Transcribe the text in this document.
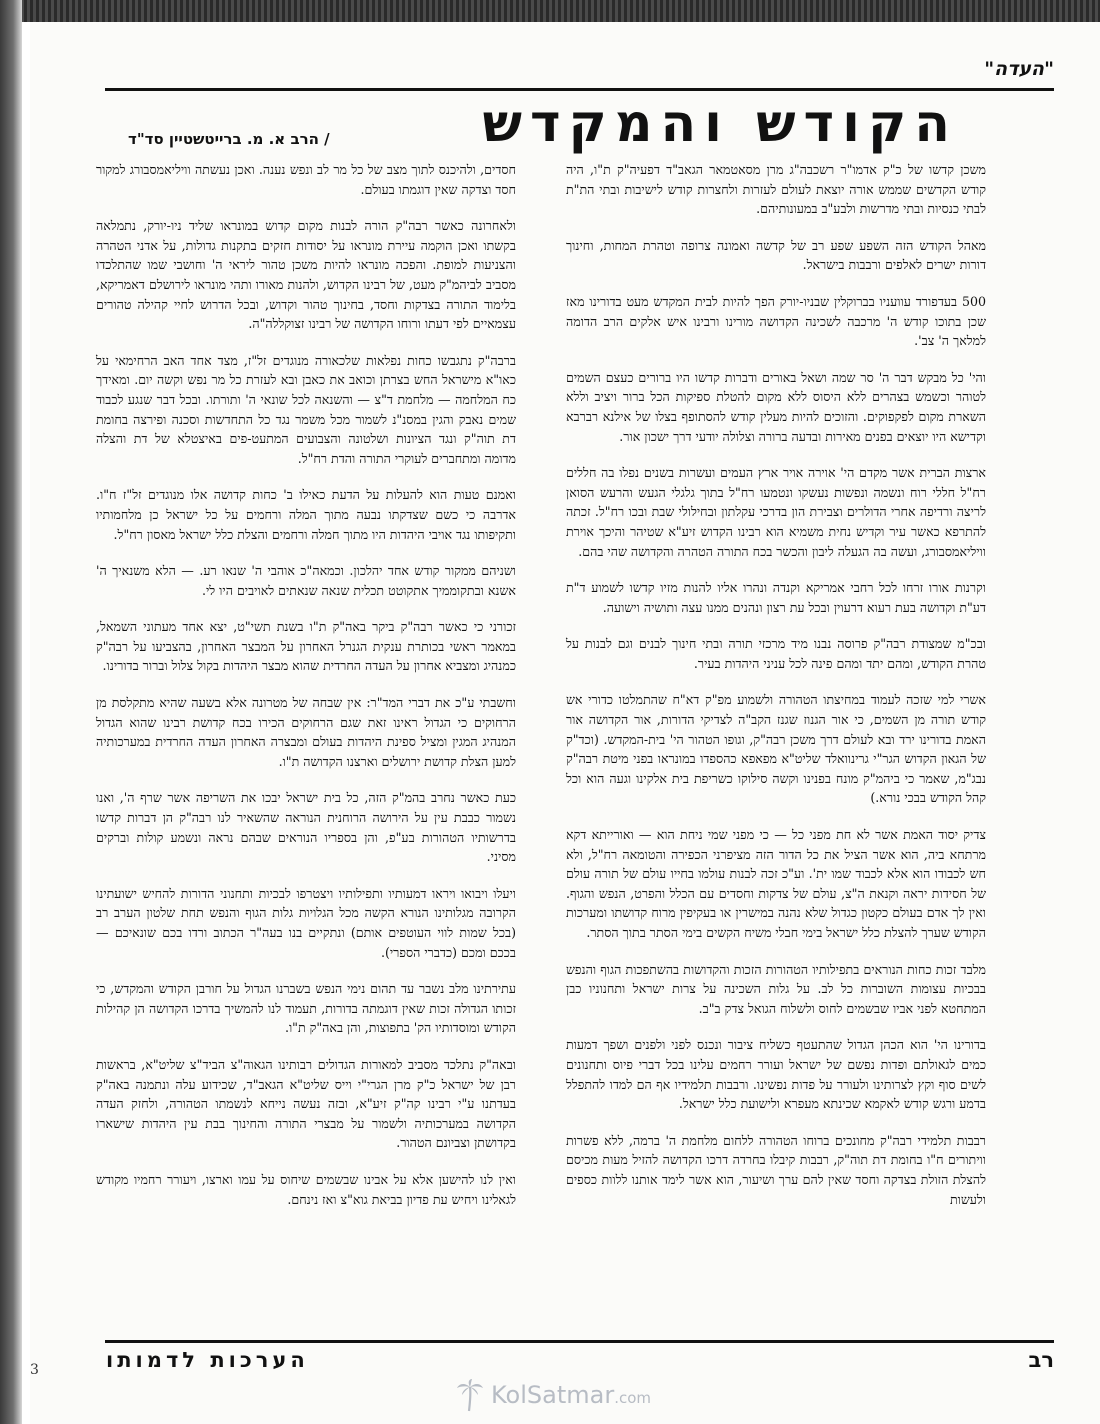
"העדה"
הקודש והמקדש
/ הרב א. מ. ברייטשטיין סד"ד

משכן קדשו של כ"ק אדמו"ר רשכבה"ג מרן מסאטמאר הגאב"ד דפעיה"ק ת"ו, היה קודש הקדשים שממש אורה יוצאת לעולם לעזרות ולחצרות קודש לישיבות ובתי הת"ת לבתי כנסיות ובתי מדרשות ולבע"ב במעונותיהם.

מאהל הקודש הזה השפע שפע רב של קדשה ואמונה צרופה וטהרת המחות, וחינוך דורות ישרים לאלפים ורבבות בישראל.

500 בעדפורד עוועניו בברוקלין שבניו-יורק הפך להיות לבית המקדש מעט בדורינו מאז שכן בתוכו קודש ה' מרכבה לשכינה הקדושה מורינו ורבינו איש אלקים הרב הדומה למלאך ה' צב'.

והי' כל מבקש דבר ה' סר שמה ושאל באורים ודברות קדשו היו ברורים כעצם השמים לטוהר וכשמש בצהרים ללא היסוס ללא מקום להטלת ספיקות הכל ברור ויציב וללא השארת מקום לפקפוקים. והזוכים להיות מעלין קודש להסתופף בצלו של אילנא רברבא וקדישא היו יוצאים בפנים מאירות ובדעה ברורה וצלולה יודעי דרך ישכון אור.

ארצות הברית אשר מקדם הי' אוירה אויר ארץ העמים ועשרות בשנים נפלו בה חללים רח"ל חללי רוח ונשמה ונפשות נעשקו ונטמעו רח"ל בתוך גלגלי הגעש והרעש הסואן לריצה ורדיפה אחרי הדולרים וצבירת הון בדרכי עקלתון ובחילולי שבת ובכו רח"ל. זכתה להתרפא כאשר עיר וקדיש נחית משמיא הוא רבינו הקדוש זיע"א שטיהר והיכך אוירת וויליאמסבורג, ועשה בה הגעלה ליבון והכשר בכח התורה הטהרה והקדושה שהי בהם.

וקרנות אורו זרחו לכל רחבי אמריקא וקנדה ונהרו אליו להנות מזיו קדשו לשמוע ד"ת דע"ת וקדושה בעת רעוא דרעוין ובכל עת רצון ונהנים ממנו עצה ותושיה וישועה.

ובכ"מ שמצודת רבה"ק פרוסה נבנו מיד מרכזי תורה ובתי חינוך לבנים וגם לבנות על טהרת הקודש, ומהם יתד ומהם פינה לכל עניני היהדות בעיר.

אשרי למי שזכה לעמוד במחיצתו הטהורה ולשמוע מפ"ק דא"ח שהתמלטו כדורי אש קודש תורה מן השמים, כי אור הגנוז שגנז הקב"ה לצדיקי הדורות, אור הקדושה אור האמת בדורינו ירד ובא לעולם דרך משכן רבה"ק, וגופו הטהור הי' בית-המקדש. (וכד"ק של הגאון הקדוש הגר"י גרינוואלד שליט"א מפאפא כהספדו במונראו בפני מיטת רבה"ק נבג"מ, שאמר כי ביהמ"ק מונח בפנינו וקשה סילוקו כשריפת בית אלקינו וגעה הוא וכל קהל הקודש בבכי נורא.)

צדיק יסוד האמת אשר לא חת מפני כל — כי מפני שמי ניחת הוא — ואורייתא דקא מרתחא ביה, הוא אשר הציל את כל הדור הזה מציפרני הכפירה והטומאה רח"ל, ולא חש לכבודו הוא אלא לכבוד שמו ית'. וע"כ זכה לבנות עולמו בחייו עולם של תורה עולם של חסידות יראה וקנאת ה"צ, עולם של צדקות וחסדים עם הכלל והפרט, הנפש והגוף. ואין לך אדם בעולם כקטון כגדול שלא נהנה במישרין או בעקיפין מרוח קדושתו ומערכות הקודש שערך להצלת כלל ישראל בימי חבלי משיח הקשים בימי הסתר בתוך הסתר.

מלבד זכות כחות הנוראים בתפילותיו הטהורות הזכות והקדושות בהשתפכות הגוף והנפש בבכיות עצומות השוברות כל לב. על גלות השכינה על צרות ישראל ותחנוניו כבן המתחטא לפני אביו שבשמים לחוס ולשלוח הגואל צדק ב"ב.

בדורינו הי' הוא הכהן הגדול שהתעטף כשליח ציבור ונכנס לפני ולפנים ושפך דמעות כמים לגאולתם ופדות נפשם של ישראל ועורר רחמים עלינו בכל דברי פיוס ותחנונים לשים סוף וקץ לצרותינו ולעורר על פדות נפשינו. ורבבות תלמידיו אף הם למדו להתפלל בדמע ורגש קודש לאקמא שכינתא מעפרא ולישועת כלל ישראל.

רבבות תלמידי רבה"ק מחונכים ברוחו הטהורה ללחום מלחמת ה' ברמה, ללא פשרות וויתורים ח"ו בחומת דת תוה"ק, רבבות קיבלו בחרדה דרכו הקדושה להזיל מעות מכיסם להצלת הזולת בצדקה וחסד שאין להם ערך ושיעור, הוא אשר לימד אותנו ללוות כספים ולעשות

חסדים, ולהיכנס לתוך מצב של כל מר לב ונפש נענה. ואכן נעשתה וויליאמסבורג למקור חסד וצדקה שאין דוגמתו בעולם.

ולאחרונה כאשר רבה"ק הורה לבנות מקום קדוש במונראו שליד ניו-יורק, נתמלאה בקשתו ואכן הוקמה עיירת מונראו על יסודות חזקים בתקנות גדולות, על אדני הטהרה והצניעות למופת. והפכה מונראו להיות משכן טהור ליראי ה' וחושבי שמו שהתלכדו מסביב לביהמ"ק מעט, של רבינו הקדוש, ולהנות מאורו ותהי מונראו לירושלם דאמריקא, בלימוד התורה בצדקות וחסד, בחינוך טהור וקדוש, ובכל הדרוש לחיי קהילה טהורים עצמאיים לפי דעתו ורוחו הקדושה של רבינו זצוקללה"ה.

ברבה"ק נתגבשו כחות נפלאות שלכאורה מנוגדים זל"ז, מצד אחד האב הרחימאי על כאו"א מישראל החש בצרתן וכואב את כאבן ובא לעזרת כל מר נפש וקשה יום. ומאידך כח המלחמה — מלחמת ד"צ — והשנאה לכל שונאי ה' ותורתו. ובכל דבר שנגע לכבוד שמים נאבק והגין במסנ"נ לשמור מכל משמר נגד כל התחדשות וסכנה ופירצה בחומת דת תוה"ק ונגד הציונות ושלטונה והצבועים המתעט-פים באיצטלא של דת והצלה מדומה ומתחברים לעוקרי התורה והדת רח"ל.

ואמנם טעות הוא להעלות על הדעת כאילו ב' כחות קדושה אלו מנוגדים זל"ז ח"ו. אדרבה כי כשם שצדקתו נבעה מתוך המלה ורחמים על כל ישראל כן מלחמותיו ותקיפותו נגד אויבי היהדות היו מתוך חמלה ורחמים והצלת כלל ישראל מאסון רח"ל.

ושניהם ממקור קודש אחד יהלכון. וכמאה"כ אוהבי ה' שנאו רע. — הלא משנאיך ה' אשנא ובתקוממיך אתקוטט תכלית שנאה שנאתים לאויבים היו לי.

זכורני כי כאשר רבה"ק ביקר באה"ק ת"ו בשנת תשי"ט, יצא אחד מעתוני השמאל, במאמר ראשי בכותרת ענקית הגנרל האחרון על המבצר האחרון, בהצביעו על רבה"ק כמנהיג ומצביא אחרון על העדה החרדית שהוא מבצר היהדות בקול צלול וברור בדורינו.

וחשבתי ע"כ את דברי המד"ר: אין שבחה של מטרונה אלא בשעה שהיא מתקלסת מן הרחוקים כי הגדול ראינו זאת שגם הרחוקים הכירו בכח קדושת רבינו שהוא הגדול המנהיג המגין ומציל ספינת היהדות בעולם ומבצרה האחרון העדה החרדית במערכותיה למען הצלת קדושת ירושלים וארצנו הקדושה ת"ו.

כעת כאשר נחרב בהמ"ק הזה, כל בית ישראל יבכו את השריפה אשר שרף ה', ואנו נשמור כבבת עין על הירושה הרוחנית הנוראה שהשאיר לנו רבה"ק הן דברות קדשו בדרשותיו הטהורות בע"פ, והן בספריו הנוראים שבהם נראה ונשמע קולות וברקים מסיני.

ויעלו ויבואו ויראו דמעותיו ותפילותיו ויצטרפו לבכיות ותחנוני הדורות להחיש ישועתינו הקרובה מגלותינו הנורא הקשה מכל הגלויות גלות הגוף והנפש תחת שלטון הערב רב (בכל שמות לווי העוטפים אותם) ונתקיים בנו בעה"ר הכתוב ורדו בכם שונאיכם — בככם ומכם (כדברי הספרי).

עתירתינו מלב נשבר עד תהום נימי הנפש בשברנו הגדול על חורבן הקודש והמקדש, כי זכותו הגדולה זכות שאין דוגמתה בדורות, תעמוד לנו להמשיך בדרכו הקדושה הן קהילות הקודש ומוסדותיו הק' בתפוצות, והן באה"ק ת"ו.

ובאה"ק נתלכד מסביב למאורות הגדולים רבותינו הגאוה"צ הביד"צ שליט"א, בראשות רבן של ישראל כ"ק מרן הגרי"י וייס שליט"א הגאב"ד, שכידוע עלה ונתמנה באה"ק בעדתנו ע"י רבינו קה"ק זיע"א, ובזה נעשה נייחא לנשמתו הטהורה, ולחזק העדה הקדושה במערכותיה ולשמור על מבצרי התורה והחינוך בבת עין היהדות שישארו בקדושתן וצביונם הטהור.

ואין לנו להישען אלא על אבינו שבשמים שיחוס על עמו וארצו, ויעורר רחמיו מקודש לגאלינו ויחיש עת פדיון בביאת גוא"צ ואז נינחם.

הערכות לדמותו	רב
3
KolSatmar.com
